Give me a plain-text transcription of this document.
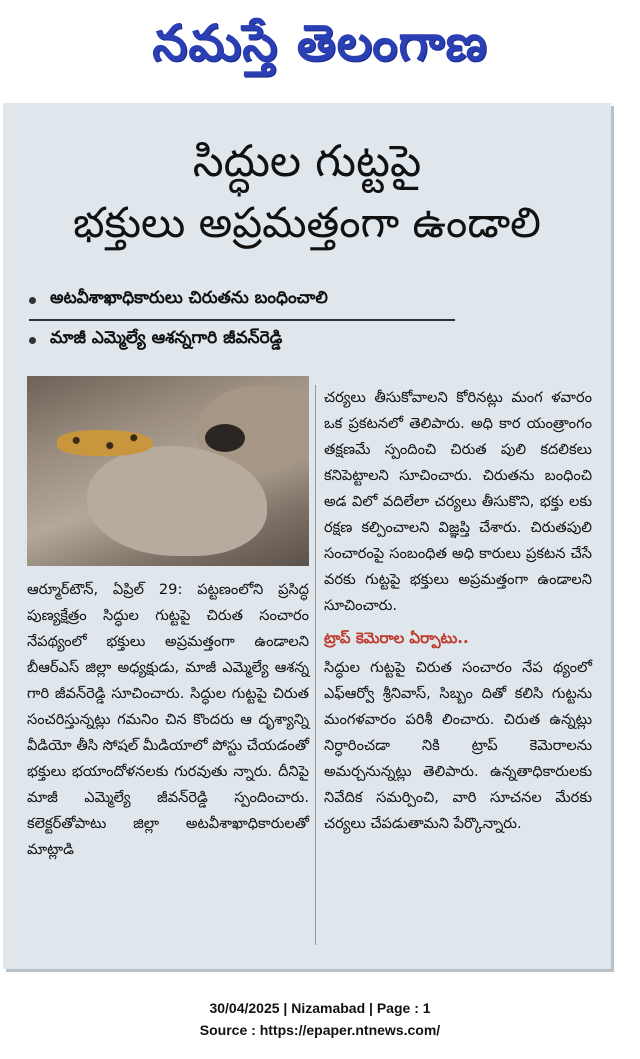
నమస్తే తెలంగాణ
సిద్ధుల గుట్టపై
భక్తులు అప్రమత్తంగా ఉండాలి
అటవీశాఖాధికారులు చిరుతను బంధించాలి
మాజీ ఎమ్మెల్యే ఆశన్నగారి జీవన్‌రెడ్డి

ఆర్మూర్‌టౌన్, ఏప్రిల్ 29: పట్టణంలోని ప్రసిద్ధ పుణ్యక్షేత్రం సిద్ధుల గుట్టపై చిరుత సంచారం నేపథ్యంలో భక్తులు అప్రమత్తంగా ఉండాలని బీఆర్ఎస్ జిల్లా అధ్యక్షుడు, మాజీ ఎమ్మెల్యే ఆశన్న గారి జీవన్‌రెడ్డి సూచించారు. సిద్ధుల గుట్టపై చిరుత సంచరిస్తున్నట్లు గమనిం చిన కొందరు ఆ దృశ్యాన్ని వీడియో తీసి సోషల్ మీడియాలో పోస్టు చేయడంతో భక్తులు భయాందోళనలకు గురవుతు న్నారు. దీనిపై మాజీ ఎమ్మెల్యే జీవన్‌రెడ్డి స్పందించారు. కలెక్టర్‌తోపాటు జిల్లా అటవీశాఖాధికారులతో మాట్లాడి

చర్యలు తీసుకోవాలని కోరినట్లు మంగ ళవారం ఒక ప్రకటనలో తెలిపారు. అధి కార యంత్రాంగం తక్షణమే స్పందించి చిరుత పులి కదలికలు కనిపెట్టాలని సూచించారు. చిరుతను బంధించి అడ విలో వదిలేలా చర్యలు తీసుకొని, భక్తు లకు రక్షణ కల్పించాలని విజ్ఞప్తి చేశారు. చిరుతపులి సంచారంపై సంబంధిత అధి కారులు ప్రకటన చేసే వరకు గుట్టపై భక్తులు అప్రమత్తంగా ఉండాలని సూచించారు.

ట్రాప్ కెమెరాల ఏర్పాటు..

సిద్ధుల గుట్టపై చిరుత సంచారం నేప థ్యంలో ఎఫ్ఆర్వో శ్రీనివాస్, సిబ్బం దితో కలిసి గుట్టను మంగళవారం పరిశీ లించారు. చిరుత ఉన్నట్లు నిర్ధారించడా నికి ట్రాప్ కెమెరాలను అమర్చనున్నట్లు తెలిపారు. ఉన్నతాధికారులకు నివేదిక సమర్పించి, వారి సూచనల మేరకు చర్యలు చేపడుతామని పేర్కొన్నారు.

30/04/2025 | Nizamabad | Page : 1
Source : https://epaper.ntnews.com/
